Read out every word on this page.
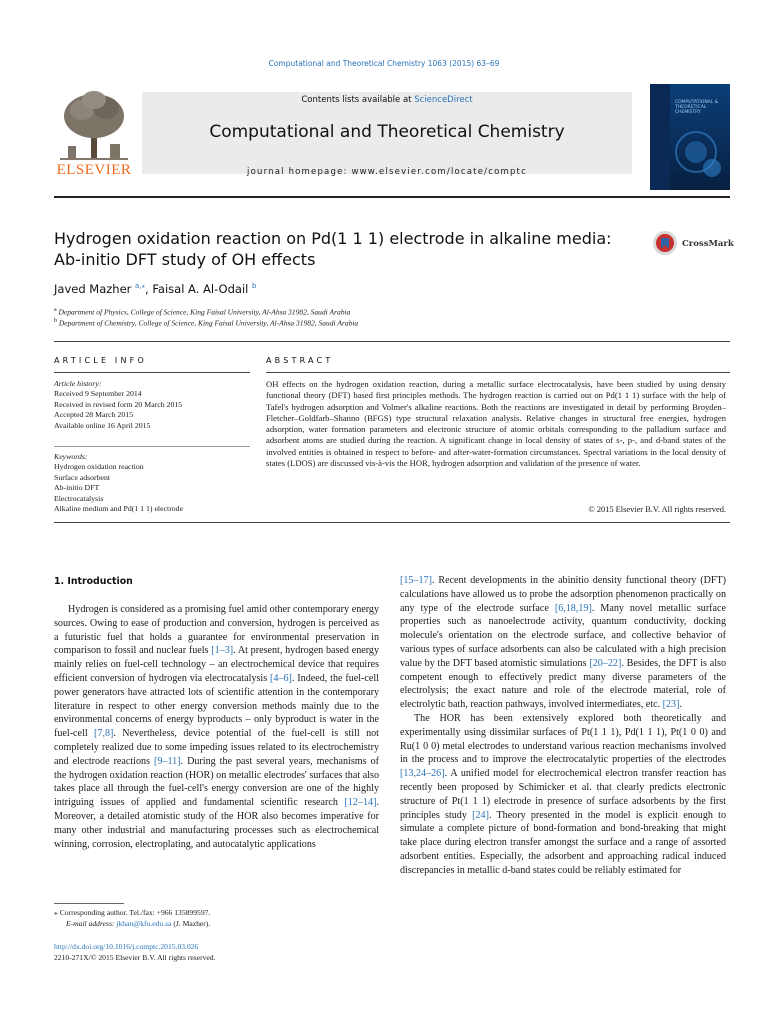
Computational and Theoretical Chemistry 1063 (2015) 63–69
ELSEVIER
Contents lists available at ScienceDirect
Computational and Theoretical Chemistry
journal homepage: www.elsevier.com/locate/comptc
COMPUTATIONAL & THEORETICAL CHEMISTRY
Hydrogen oxidation reaction on Pd(1 1 1) electrode in alkaline media:
Ab-initio DFT study of OH effects
CrossMark
Javed Mazher $^{a,⁎}$, Faisal A. Al-Odail $^b$
$^a$ Department of Physics, College of Science, King Faisal University, Al-Ahsa 31982, Saudi Arabia
$^b$ Department of Chemistry, College of Science, King Faisal University, Al-Ahsa 31982, Saudi Arabia
ARTICLE INFO
Article history:
Received 9 September 2014
Received in revised form 20 March 2015
Accepted 28 March 2015
Available online 16 April 2015
Keywords:
Hydrogen oxidation reaction
Surface adsorbent
Ab-initio DFT
Electrocatalysis
Alkaline medium and Pd(1 1 1) electrode
ABSTRACT
OH effects on the hydrogen oxidation reaction, during a metallic surface electrocatalysis, have been studied by using density functional theory (DFT) based first principles methods. The hydrogen reaction is carried out on Pd(1 1 1) surface with the help of Tafel's hydrogen adsorption and Volmer's alkaline reactions. Both the reactions are investigated in detail by performing Broyden–Fletcher–Goldfarb–Shanno (BFGS) type structural relaxation analysis. Relative changes in structural free energies, hydrogen adsorption, water formation parameters and electronic structure of atomic orbitals corresponding to the palladium surface and adsorbent atoms are studied during the reaction. A significant change in local density of states of s-, p-, and d-band states of the involved entities is obtained in respect to before- and after-water-formation circumstances. Spectral variations in the local density of states (LDOS) are discussed vis-à-vis the HOR, hydrogen adsorption and validation of the presence of water.
© 2015 Elsevier B.V. All rights reserved.
1. Introduction

Hydrogen is considered as a promising fuel amid other contemporary energy sources. Owing to ease of production and conversion, hydrogen is perceived as a futuristic fuel that holds a guarantee for environmental preservation in comparison to fossil and nuclear fuels [1–3]. At present, hydrogen based energy mainly relies on fuel-cell technology – an electrochemical device that requires efficient conversion of hydrogen via electrocatalysis [4–6]. Indeed, the fuel-cell power generators have attracted lots of scientific attention in the contemporary literature in respect to other energy conversion methods mainly due to the environmental concerns of energy byproducts – only byproduct is water in the fuel-cell [7,8]. Nevertheless, device potential of the fuel-cell is still not completely realized due to some impeding issues related to its electrochemistry and electrode reactions [9–11]. During the past several years, mechanisms of the hydrogen oxidation reaction (HOR) on metallic electrodes' surfaces that also takes place all through the fuel-cell's energy conversion are one of the highly intriguing issues of applied and fundamental scientific research [12–14]. Moreover, a detailed atomistic study of the HOR also becomes imperative for many other industrial and manufacturing processes such as electrochemical winning, corrosion, electroplating, and autocatalytic applications

[15–17]. Recent developments in the abinitio density functional theory (DFT) calculations have allowed us to probe the adsorption phenomenon practically on any type of the electrode surface [6,18,19]. Many novel metallic surface properties such as nanoelectrode activity, quantum conductivity, docking molecule's orientation on the electrode surface, and collective behavior of various types of surface adsorbents can also be calculated with a high precision value by the DFT based atomistic simulations [20–22]. Besides, the DFT is also competent enough to effectively predict many diverse parameters of the electrolysis; the exact nature and role of the electrode material, role of electrolytic bath, reaction pathways, involved intermediates, etc. [23].

The HOR has been extensively explored both theoretically and experimentally using dissimilar surfaces of Pt(1 1 1), Pd(1 1 1), Pt(1 0 0) and Ru(1 0 0) metal electrodes to understand various reaction mechanisms involved in the process and to improve the electrocatalytic properties of the electrodes [13,24–26]. A unified model for electrochemical electron transfer reaction has recently been proposed by Schimicker et al. that clearly predicts electronic structure of Pt(1 1 1) electrode in presence of surface adsorbents by the first principles study [24]. Theory presented in the model is explicit enough to simulate a complete picture of bond-formation and bond-breaking that might take place during electron transfer amongst the surface and a range of assorted adsorbent entities. Especially, the adsorbent and approaching radical induced discrepancies in metallic d-band states could be reliably estimated for

⁎ Corresponding author. Tel./fax: +966 135899597.
E-mail address: jkhan@kfu.edu.sa (J. Mazher).
http://dx.doi.org/10.1016/j.comptc.2015.03.026
2210-271X/© 2015 Elsevier B.V. All rights reserved.
